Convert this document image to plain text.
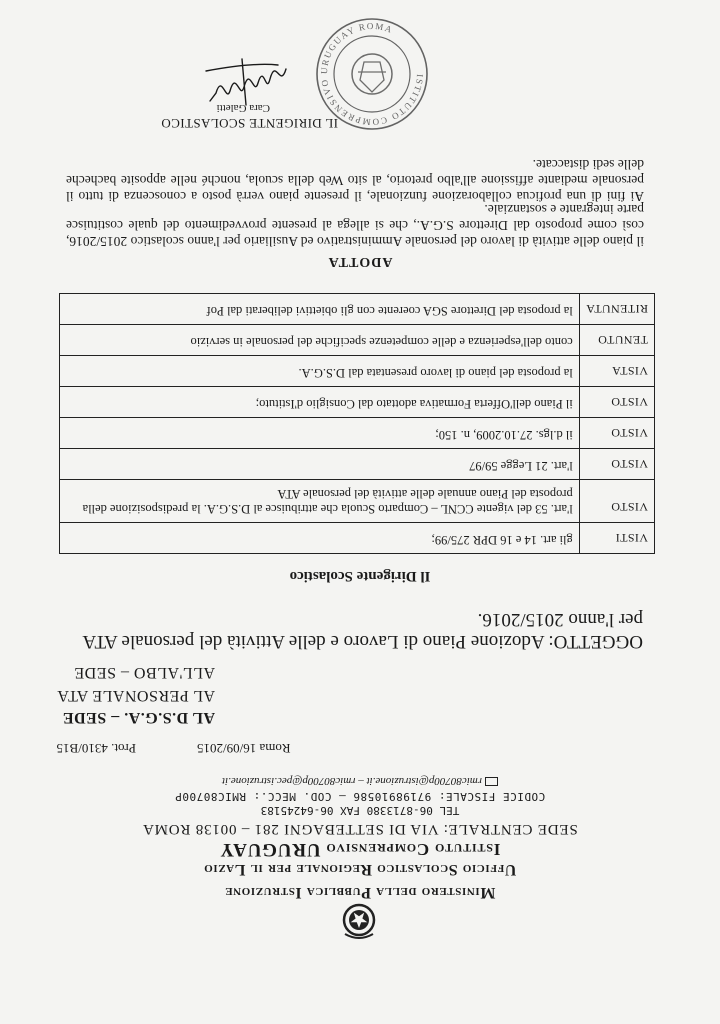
Ministero della Pubblica Istruzione
Ufficio Scolastico Regionale per il Lazio
Istituto Comprensivo URUGUAY
SEDE CENTRALE: VIA DI SETTEBAGNI 281 – 00138 ROMA
TEL 06-8713380 FAX 06-64245183
CODICE FISCALE: 97198910586 – COD. MECC.: RMIC80700P
rmic80700p@istruzione.it – rmic80700p@pec.istruzione.it
Prot. 4310/B15	Roma 16/09/2015
AL D.S.G.A. – SEDE
AL PERSONALE ATA
ALL'ALBO – SEDE
OGGETTO: Adozione Piano di Lavoro e delle Attività del personale ATA per l'anno 2015/2016.
Il Dirigente Scolastico
VISTI	gli art. 14 e 16 DPR 275/99;
VISTO	l'art. 53 del vigente CCNL – Comparto Scuola che attribuisce al D.S.G.A. la predisposizione della proposta del Piano annuale delle attività del personale ATA
VISTO	l'art. 21 Legge 59/97
VISTO	il d.lgs. 27.10.2009, n. 150;
VISTO	il Piano dell'Offerta Formativa adottato dal Consiglio d'Istituto;
VISTA	la proposta del piano di lavoro presentata dal D.S.G.A.
TENUTO	conto dell'esperienza e delle competenze specifiche del personale in servizio
RITENUTA	la proposta del Direttore SGA coerente con gli obiettivi deliberati dal Pof
ADOTTA
il piano delle attività di lavoro del personale Amministrativo ed Ausiliario per l'anno scolastico 2015/2016, così come proposto dal Direttore S.G.A., che si allega al presente provvedimento del quale costituisce parte integrante e sostanziale.
Ai fini di una proficua collaborazione funzionale, il presente piano verrà posto a conoscenza di tutto il personale mediante affissione all'albo pretorio, al sito Web della scuola, nonché nelle apposite bacheche delle sedi distaccate.
IL DIRIGENTE SCOLASTICO
Cara Galetti
ISTITUTO COMPRENSIVO URUGUAY ROMA
